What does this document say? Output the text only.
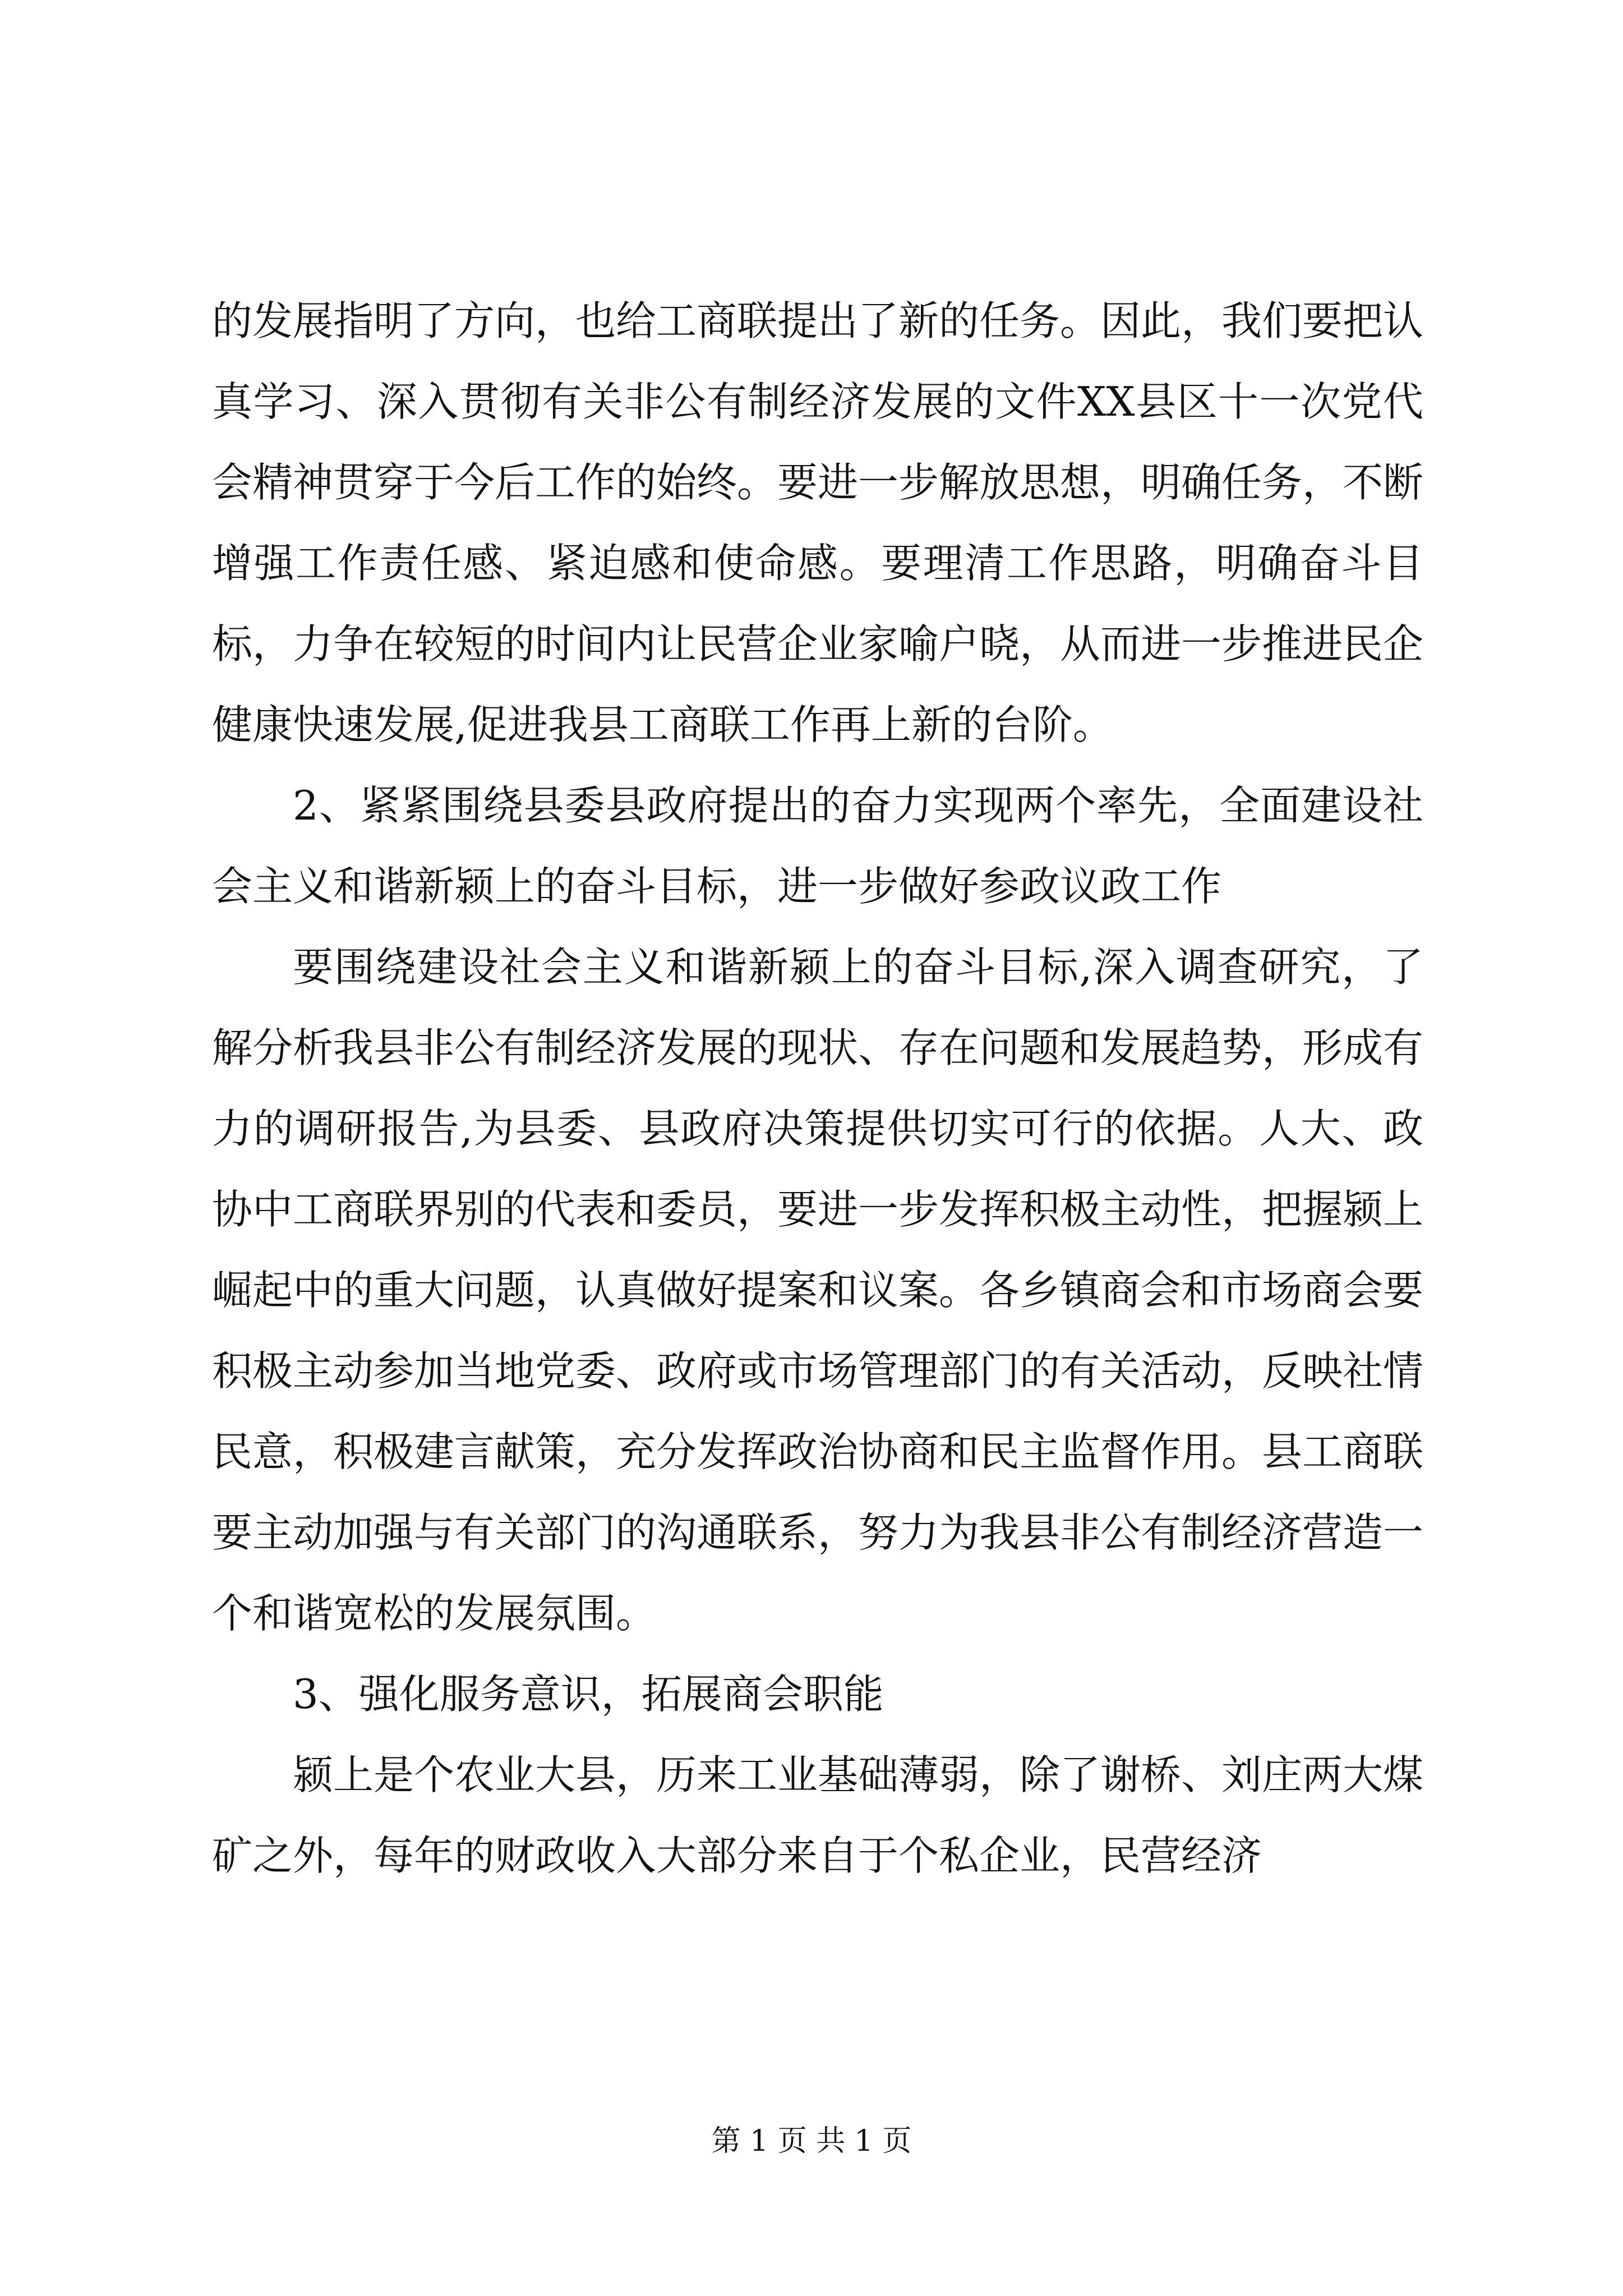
的发展指明了方向，也给工商联提出了新的任务。因此，我们要把认真学习、深入贯彻有关非公有制经济发展的文件XX县区十一次党代会精神贯穿于今后工作的始终。要进一步解放思想，明确任务，不断增强工作责任感、紧迫感和使命感。要理清工作思路，明确奋斗目标，力争在较短的时间内让民营企业家喻户晓，从而进一步推进民企健康快速发展,促进我县工商联工作再上新的台阶。

2、紧紧围绕县委县政府提出的奋力实现两个率先，全面建设社会主义和谐新颍上的奋斗目标，进一步做好参政议政工作

要围绕建设社会主义和谐新颍上的奋斗目标,深入调查研究，了解分析我县非公有制经济发展的现状、存在问题和发展趋势，形成有力的调研报告,为县委、县政府决策提供切实可行的依据。人大、政协中工商联界别的代表和委员，要进一步发挥积极主动性，把握颍上崛起中的重大问题，认真做好提案和议案。各乡镇商会和市场商会要积极主动参加当地党委、政府或市场管理部门的有关活动，反映社情民意，积极建言献策，充分发挥政治协商和民主监督作用。县工商联要主动加强与有关部门的沟通联系，努力为我县非公有制经济营造一个和谐宽松的发展氛围。

3、强化服务意识，拓展商会职能

颍上是个农业大县，历来工业基础薄弱，除了谢桥、刘庄两大煤矿之外，每年的财政收入大部分来自于个私企业，民营经济

第 1 页 共 1 页
